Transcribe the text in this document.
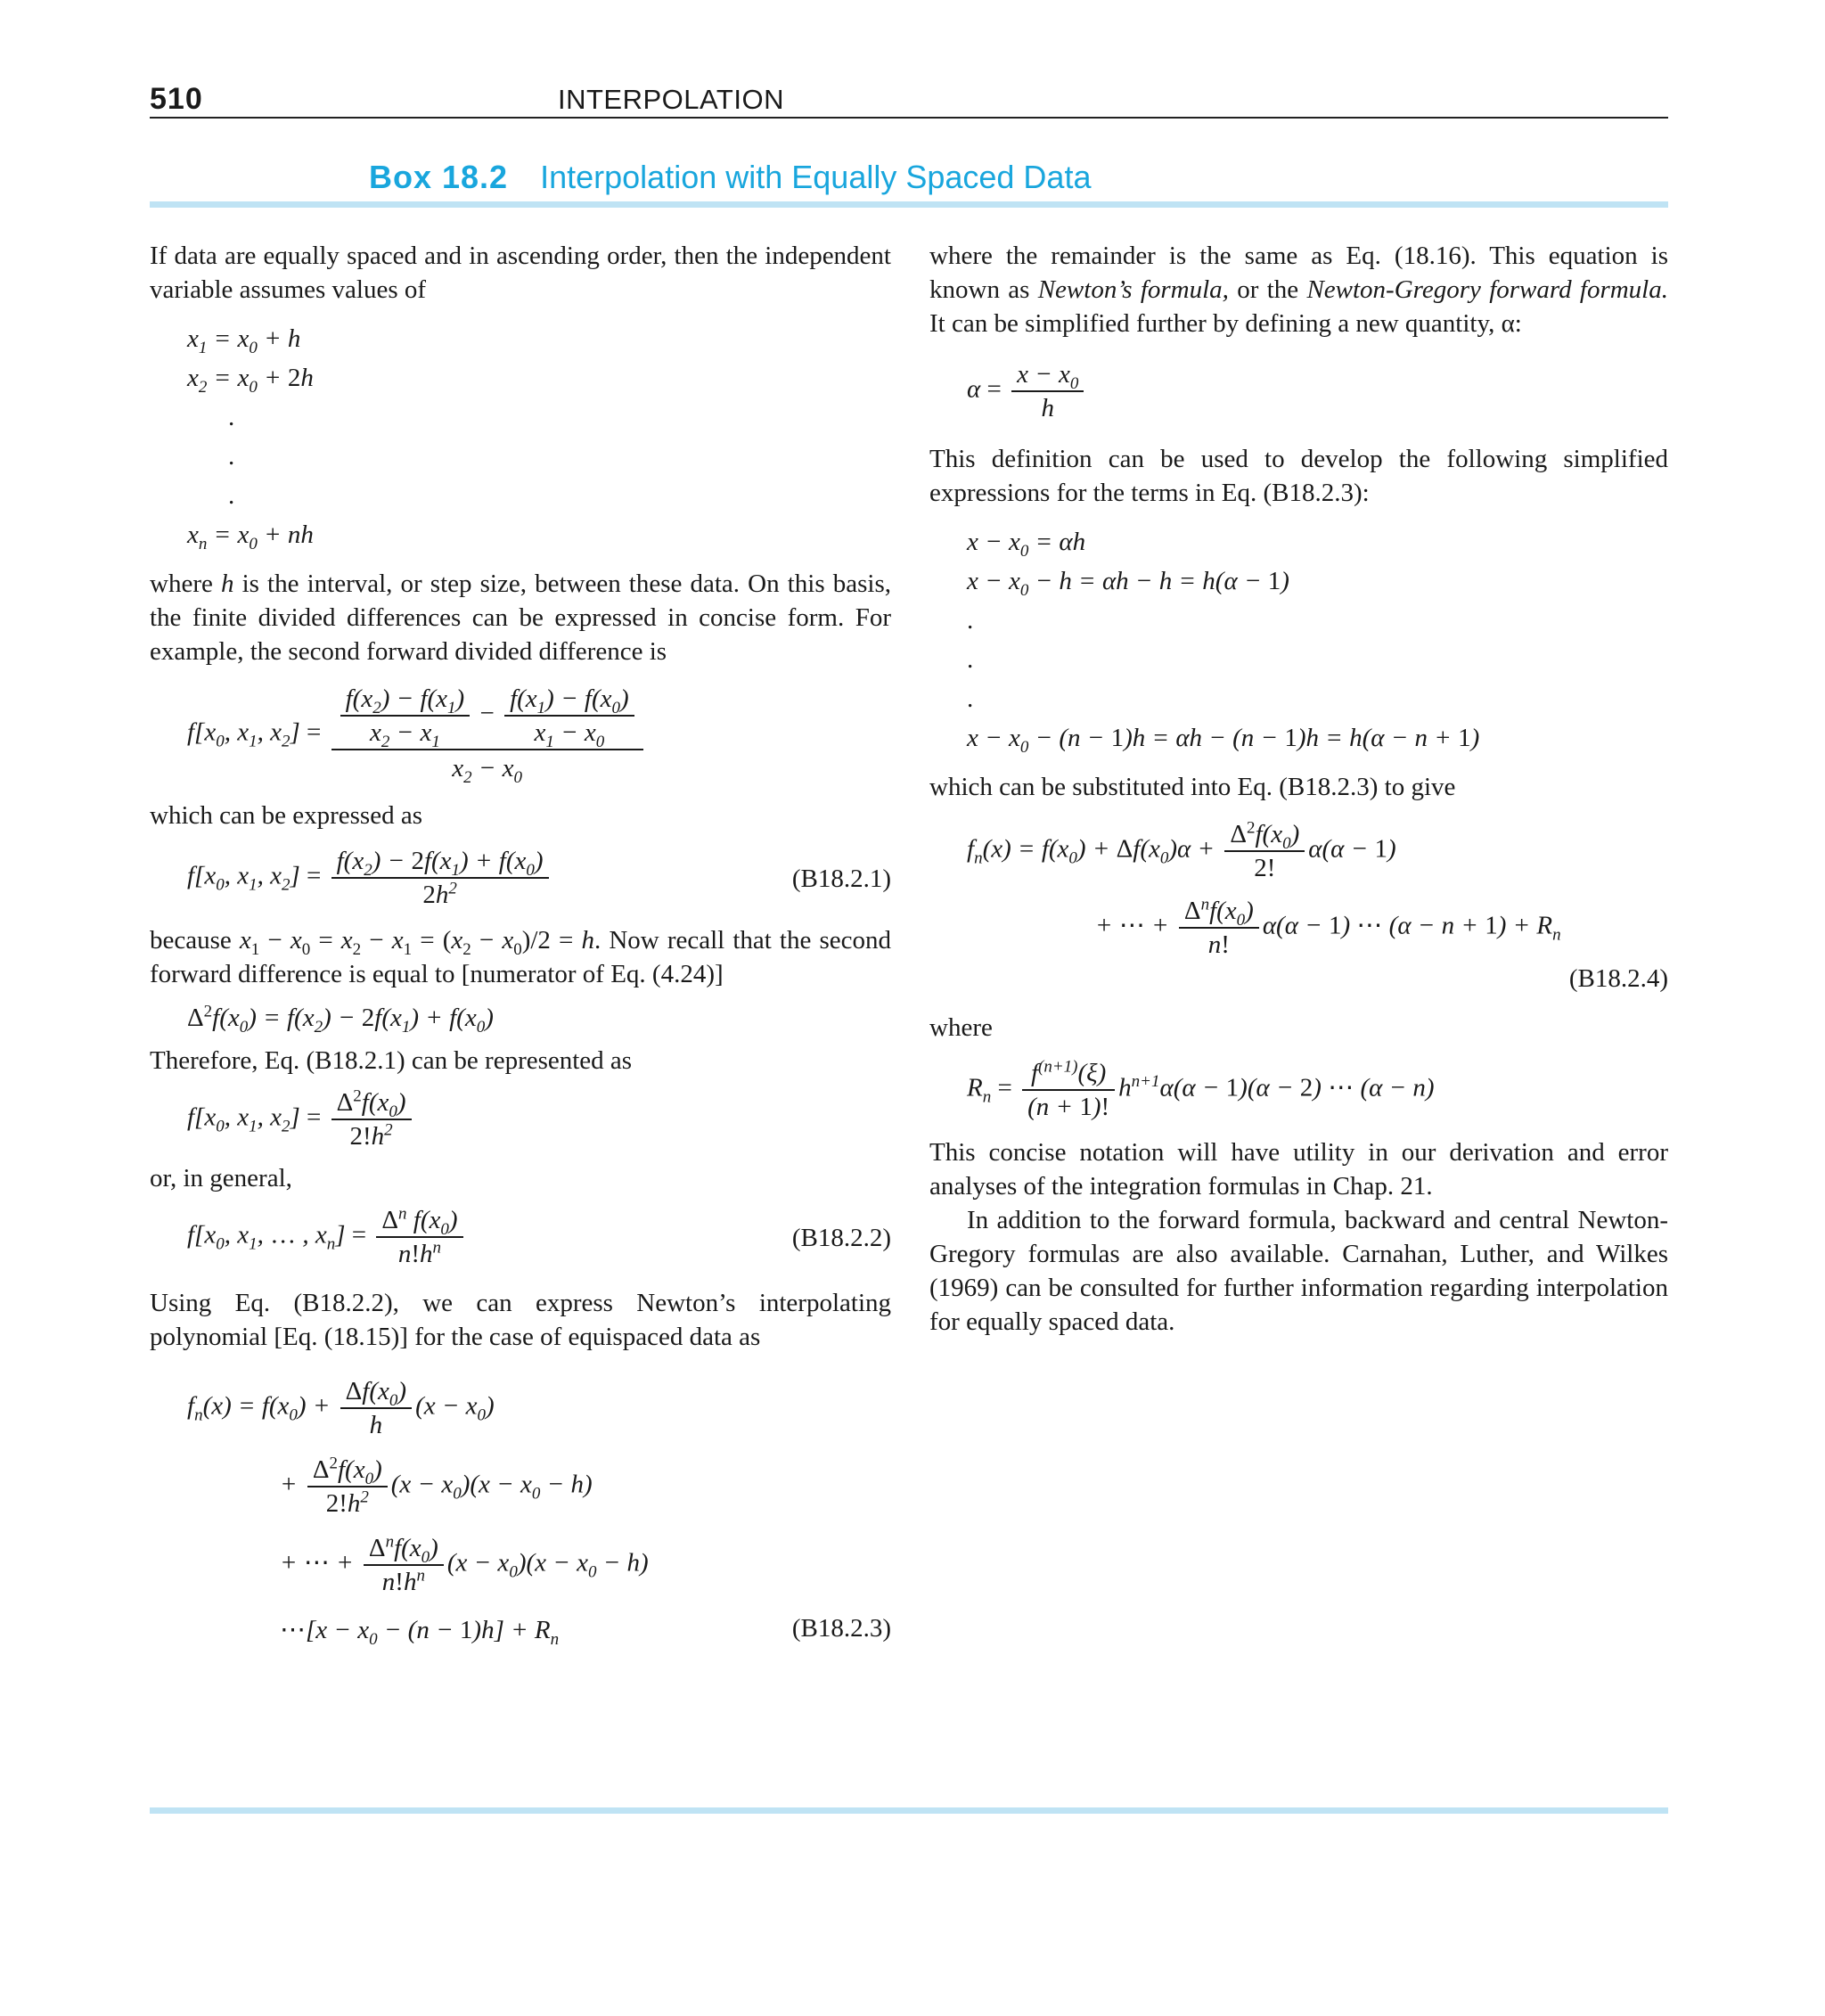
510	INTERPOLATION
Box 18.2 Interpolation with Equally Spaced Data

If data are equally spaced and in ascending order, then the independent variable assumes values of

$x_1 = x_0 + h$
$x_2 = x_0 + 2h$
.
.
.
$x_n = x_0$ + nh

where h is the interval, or step size, between these data. On this basis, the finite divided differences can be expressed in concise form. For example, the second forward divided difference is

$f[x_0$, $x_1$, $x_2] = \frac{f(x_2) - f(x_1)}{x_2 - x_1} - \frac{f(x_1) - f(x_0)}{x_1 - x_0}$
$x_2 - x_0$

which can be expressed as

$f[x_0$, $x_1$, $x_2] = \frac{f(x_2) - 2f(x_1) + f(x_0)}{2h^2}$	(B18.2.1)

because $x_1 - x_0 = x_2 - x_1 = (x_2 - x_0)/2 = h$. Now recall that the second forward difference is equal to [numerator of Eq. (4.24)]

$\Delta^2f(x_0) = f(x_2) - 2f(x_1) + f(x_0)$

Therefore, Eq. (B18.2.1) can be represented as

$f[x_0$, $x_1$, $x_2] = \frac{\Delta^2f(x_0)}{2!h^2}$

or, in general,

$f[x_0$, $x_1$, … , $x_n] = \frac{\Delta^n f(x_0)}{n!h^n}$	(B18.2.2)

Using Eq. (B18.2.2), we can express Newton’s interpolating polynomial [Eq. (18.15)] for the case of equispaced data as

$f_n(x) = f(x_0) + \frac{\Delta f(x_0)}{h} (x - x_0)$
+ $\frac{\Delta^2f(x_0)}{2!h^2} (x - x_0)(x - x_0 - h)$
+ ⋯ + $\frac{\Delta^nf(x_0)}{n!h^n} (x - x_0)(x - x_0 - h)$
⋯[x − $x_0 - (n - 1)h] + R_n$	(B18.2.3)

where the remainder is the same as Eq. (18.16). This equation is known as Newton’s formula, or the Newton-Gregory forward formula. It can be simplified further by defining a new quantity, α:

$\alpha = \frac{x - x_0}{h}$

This definition can be used to develop the following simplified expressions for the terms in Eq. (B18.2.3):

$x - x_0 = \alpha h$
$x - x_0 - h = \alpha h - h = h(\alpha - 1)$
.
.
.
$x - x_0 - (n - 1)h = \alpha h - (n - 1)h = h(\alpha - n + 1)$

which can be substituted into Eq. (B18.2.3) to give

$f_n(x) = f(x_0) + \Delta f(x_0)\alpha + \frac{\Delta^2f(x_0)}{2!} \alpha(\alpha - 1)$
+ ⋯ + $\frac{\Delta^nf(x_0)}{n!} \alpha(\alpha - 1)$ ⋯ $(\alpha - n + 1) + R_n$
(B18.2.4)

where

$R_n = \frac{f^{(n+1)}(\xi)}{(n + 1)!} h^{n+1}\alpha(\alpha - 1)(\alpha - 2)$ ⋯ (α − n)

This concise notation will have utility in our derivation and error analyses of the integration formulas in Chap. 21.

In addition to the forward formula, backward and central Newton-Gregory formulas are also available. Carnahan, Luther, and Wilkes (1969) can be consulted for further information regarding interpolation for equally spaced data.
